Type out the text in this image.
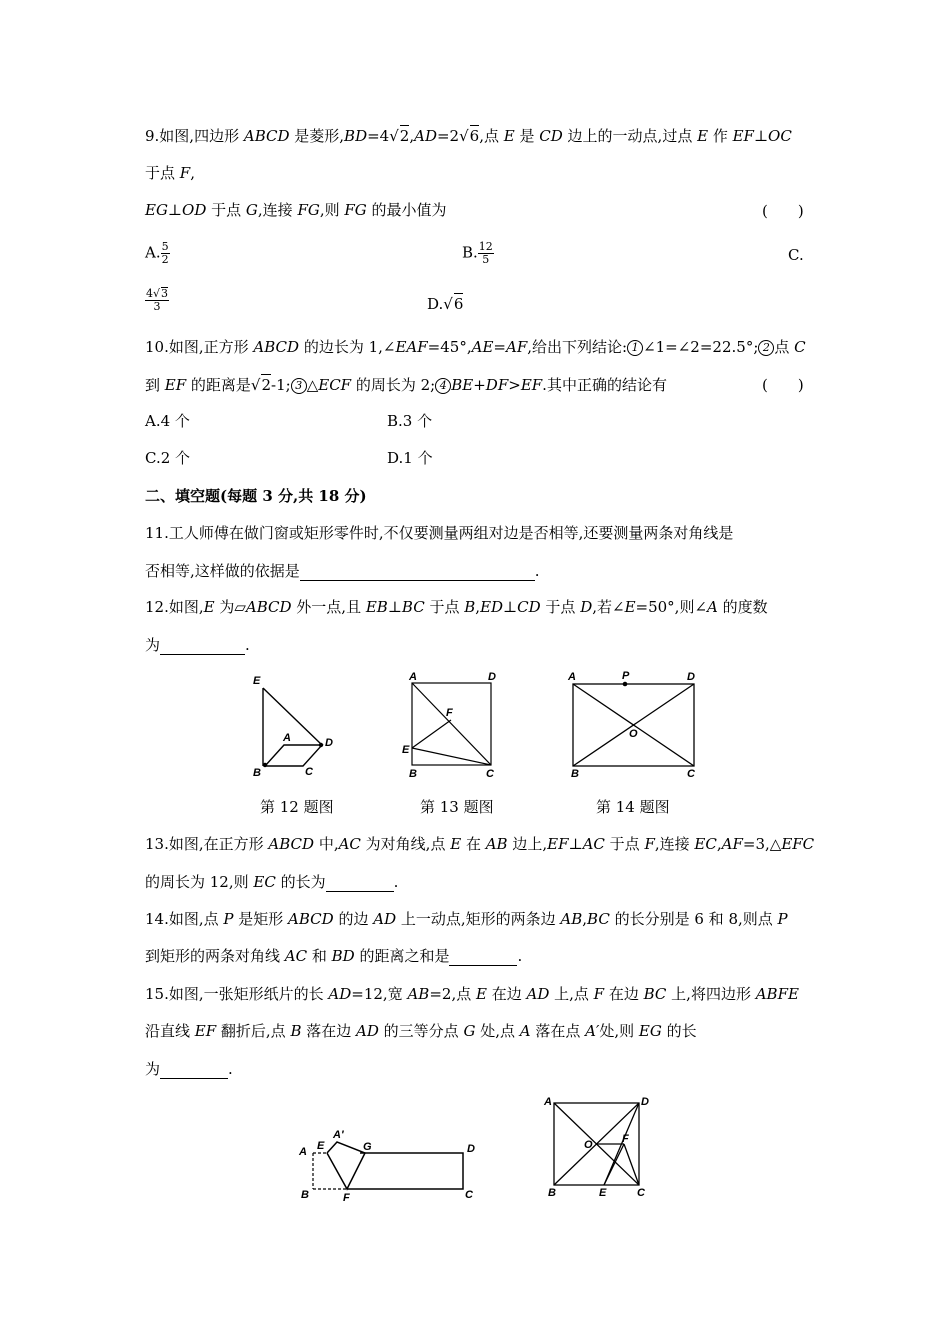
9.如图,四边形 ABCD 是菱形,BD=4√2,AD=2√6,点 E 是 CD 边上的一动点,过点 E 作 EF⊥OC
于点 F,
EG⊥OD 于点 G,连接 FG,则 FG 的最小值为	(　　)
A. $\frac{5}{2}$	B. $\frac{12}{5}$	C.
$\frac{4√3}{3}$	D.√6
10.如图,正方形 ABCD 的边长为 1,∠EAF=45°,AE=AF,给出下列结论: 1 ∠1=∠2=22.5°; 2 点 C
到 EF 的距离是√2-1; 3 △ECF 的周长为 2; 4 BE+DF>EF.其中正确的结论有	(　　)
A.4 个	B.3 个
C.2 个	D.1 个
二、填空题(每题 3 分,共 18 分)
11.工人师傅在做门窗或矩形零件时,不仅要测量两组对边是否相等,还要测量两条对角线是
否相等,这样做的依据是	.
12.如图,E 为▱ABCD 外一点,且 EB⊥BC 于点 B,ED⊥CD 于点 D,若∠E=50°,则∠A 的度数
为	.
E
A	D
B	C
A	D
F
E
B	C
A	P	D
O
B	C
第 12 题图	第 13 题图	第 14 题图
13.如图,在正方形 ABCD 中,AC 为对角线,点 E 在 AB 边上,EF⊥AC 于点 F,连接 EC,AF=3,△EFC
的周长为 12,则 EC 的长为	.
14.如图,点 P 是矩形 ABCD 的边 AD 上一动点,矩形的两条边 AB,BC 的长分别是 6 和 8,则点 P
到矩形的两条对角线 AC 和 BD 的距离之和是	.
15.如图,一张矩形纸片的长 AD=12,宽 AB=2,点 E 在边 AD 上,点 F 在边 BC 上,将四边形 ABFE
沿直线 EF 翻折后,点 B 落在边 AD 的三等分点 G 处,点 A 落在点 A′处,则 EG 的长
为	.
A E
A′
G	D
B	F	C
A	D
O	F
B	E	C
